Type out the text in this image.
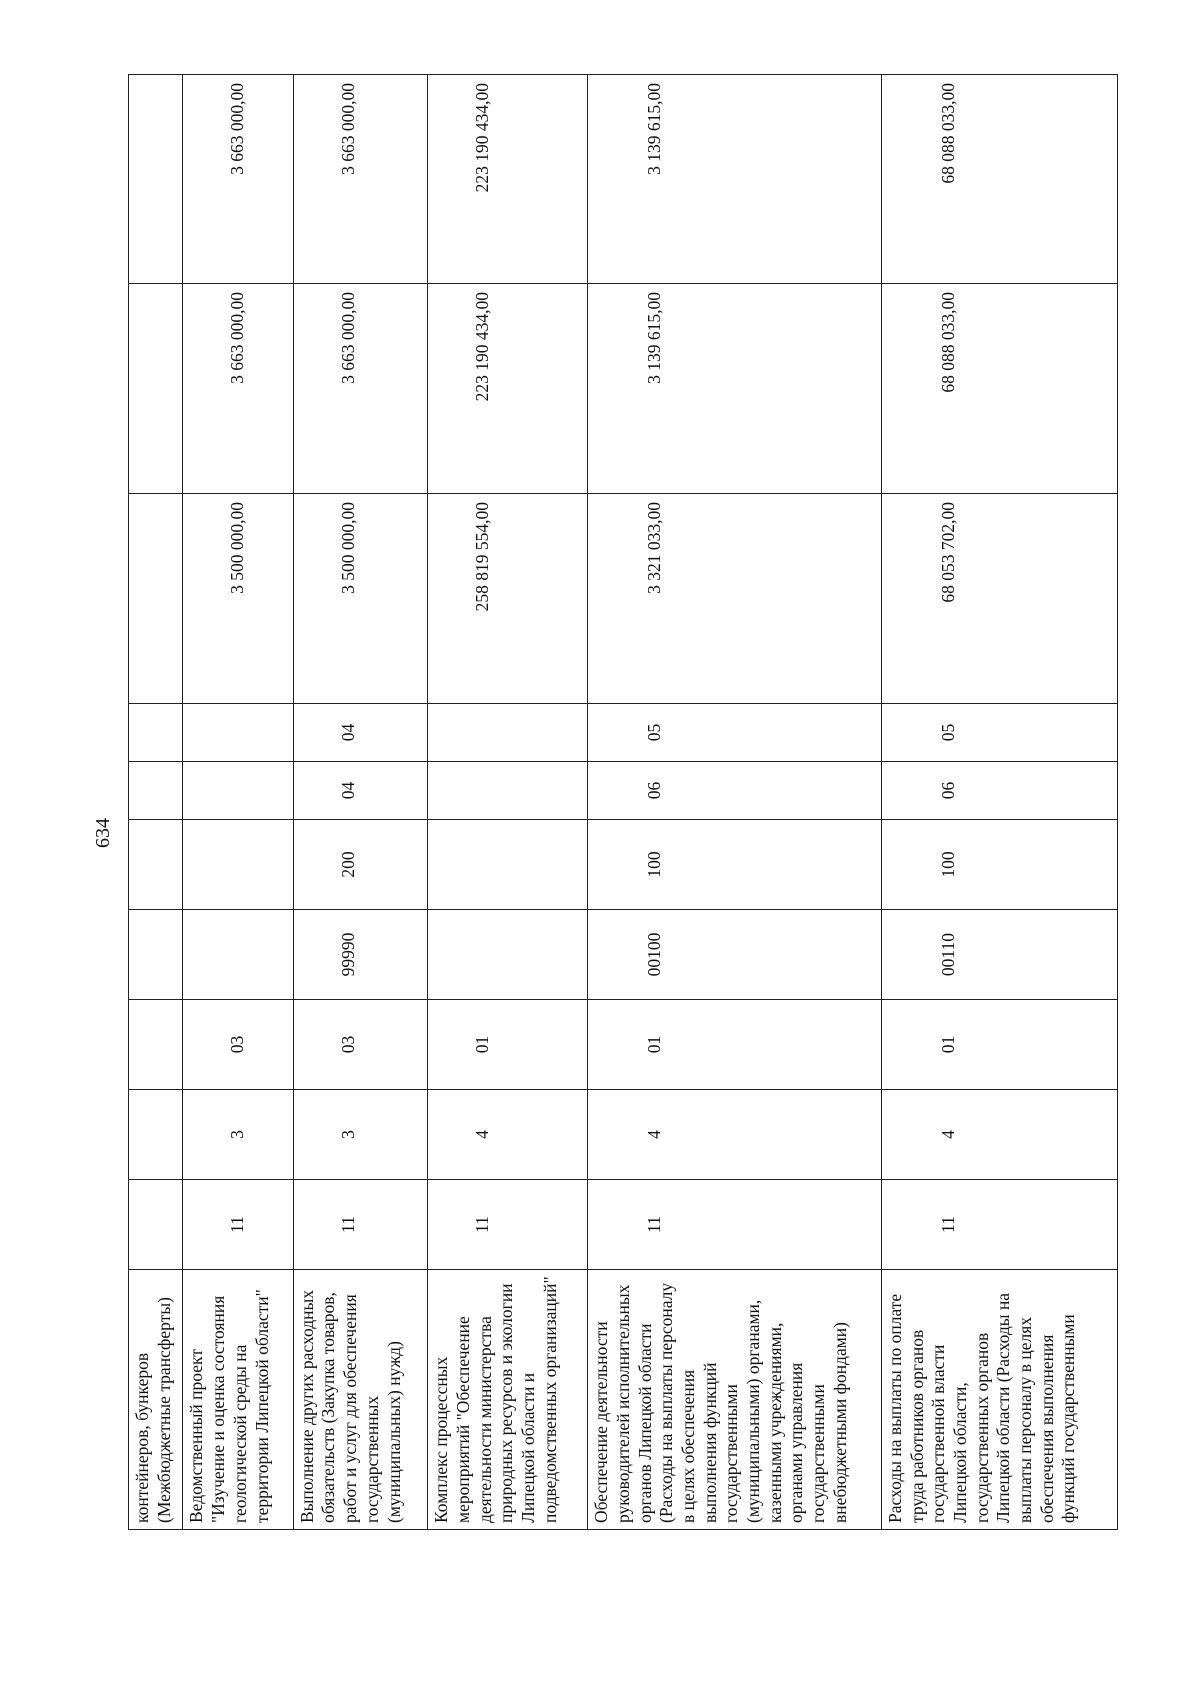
634
контейнеров, бункеров (Межбюджетные трансферты)										
Ведомственный проект "Изучение и оценка состояния геологической среды на территории Липецкой области"	11	3	03					3 500 000,00	3 663 000,00	3 663 000,00
Выполнение других расходных обязательств (Закупка товаров, работ и услуг для обеспечения государственных (муниципальных) нужд)	11	3	03	99990	200	04	04	3 500 000,00	3 663 000,00	3 663 000,00
Комплекс процессных мероприятий "Обеспечение деятельности министерства природных ресурсов и экологии Липецкой области и подведомственных организаций"	11	4	01					258 819 554,00	223 190 434,00	223 190 434,00
Обеспечение деятельности руководителей исполнительных органов Липецкой области (Расходы на выплаты персоналу в целях обеспечения выполнения функций государственными (муниципальными) органами, казенными учреждениями, органами управления государственными внебюджетными фондами)	11	4	01	00100	100	06	05	3 321 033,00	3 139 615,00	3 139 615,00
Расходы на выплаты по оплате труда работников органов государственной власти Липецкой области, государственных органов Липецкой области (Расходы на выплаты персоналу в целях обеспечения выполнения функций государственными	11	4	01	00110	100	06	05	68 053 702,00	68 088 033,00	68 088 033,00
